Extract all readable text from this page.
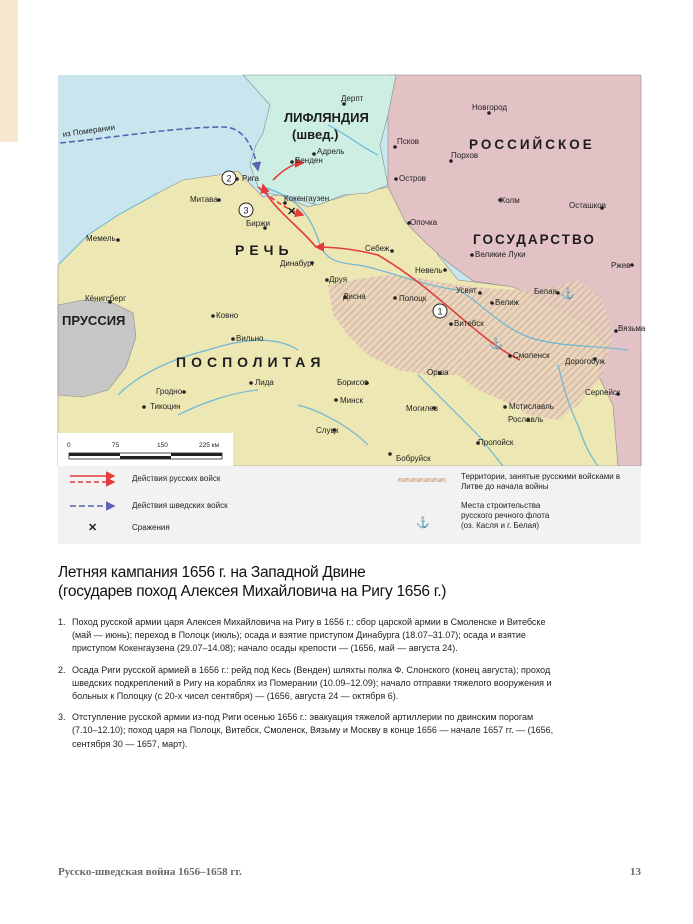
из Померании
✕
1
2
3
⚓
⚓
ЛИФЛЯНДИЯ
(швед.)
РОССИЙСКОЕ
ГОСУДАРСТВО
РЕЧЬ
ПОСПОЛИТАЯ
ПРУССИЯ
Дерпт
Новгород
Псков
Порхов
Адрель
Венден
Рига
Кокенгаузен
Митава
Биржи
Остров
Холм
Осташков
Опочка
Себеж
Великие Луки
Ржев
Мемель
Динабург
Друя
Невель
Усвят
Дисна	Полоцк	Велиж
Белая
Кёнигсберг
Ковно
Витебск
Вязьма
Смоленск
Дорогобуж
Вильно
Лида
Гродно
Борисов
Орша
Тикоцин
Минск
Могилев	Мстиславль
Рославль
Серпейск
Слуцк
Пропойск
Бобруйск
0	75	150	225 км
✕	⚓
Действия русских войск
Действия шведских войск
Сражения
Территории, занятые русскими войсками в Литве до начала войны
Места строительства
русского речного флота
(оз. Касля и г. Белая)
Летняя кампания 1656 г. на Западной Двине
(государев поход Алексея Михайловича на Ригу 1656 г.)
1. Поход русской армии царя Алексея Михайловича на Ригу в 1656 г.: сбор царской армии в Смоленске и Витебске (май — июнь); переход в Полоцк (июль); осада и взятие приступом Динабурга (18.07–31.07); осада и взятие приступом Кокенгаузена (29.07–14.08); начало осады крепости — (1656, май — августа 24).
2. Осада Риги русской армией в 1656 г.: рейд под Кесь (Венден) шляхты полка Ф. Слонского (конец августа); проход шведских подкреплений в Ригу на кораблях из Померании (10.09–12.09); начало отправки тяжелого вооружения и больных к Полоцку (с 20-х чисел сентября) — (1656, августа 24 — октября 6).
3. Отступление русской армии из-под Риги осенью 1656 г.: эвакуация тяжелой артиллерии по двинским порогам (7.10–12.10); поход царя на Полоцк, Витебск, Смоленск, Вязьму и Москву в конце 1656 — начале 1657 гг. — (1656, сентября 30 — 1657, март).
Русско-шведская война 1656–1658 гг.	13
